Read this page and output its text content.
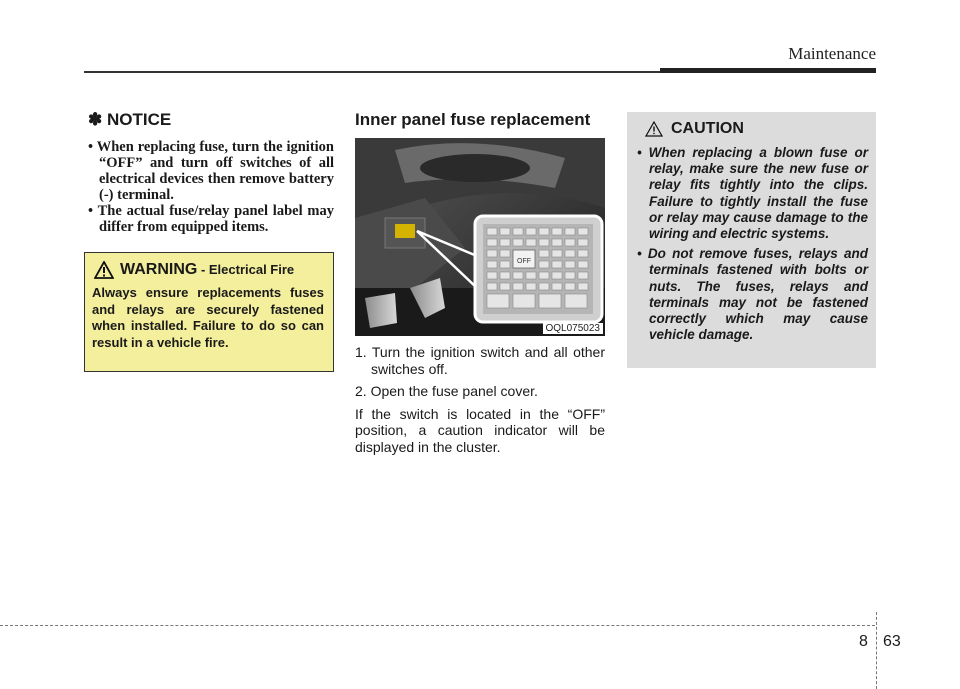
Maintenance
✽ NOTICE
• When replacing fuse, turn the ignition “OFF” and turn off switches of all electrical devices then remove battery (-) terminal.
• The actual fuse/relay panel label may differ from equipped items.
WARNING - Electrical Fire
Always ensure replacements fuses and relays are securely fastened when installed. Failure to do so can result in a vehicle fire.
Inner panel fuse replacement
OFF
OQL075023

1. Turn the ignition switch and all other switches off.

2. Open the fuse panel cover.

If the switch is located in the “OFF” position, a caution indicator will be displayed in the cluster.

CAUTION
• When replacing a blown fuse or relay, make sure the new fuse or relay fits tightly into the clips. Failure to tightly install the fuse or relay may cause damage to the wiring and electric systems.
• Do not remove fuses, relays and terminals fastened with bolts or nuts. The fuses, relays and terminals may not be fastened correctly which may cause vehicle damage.
8 63
